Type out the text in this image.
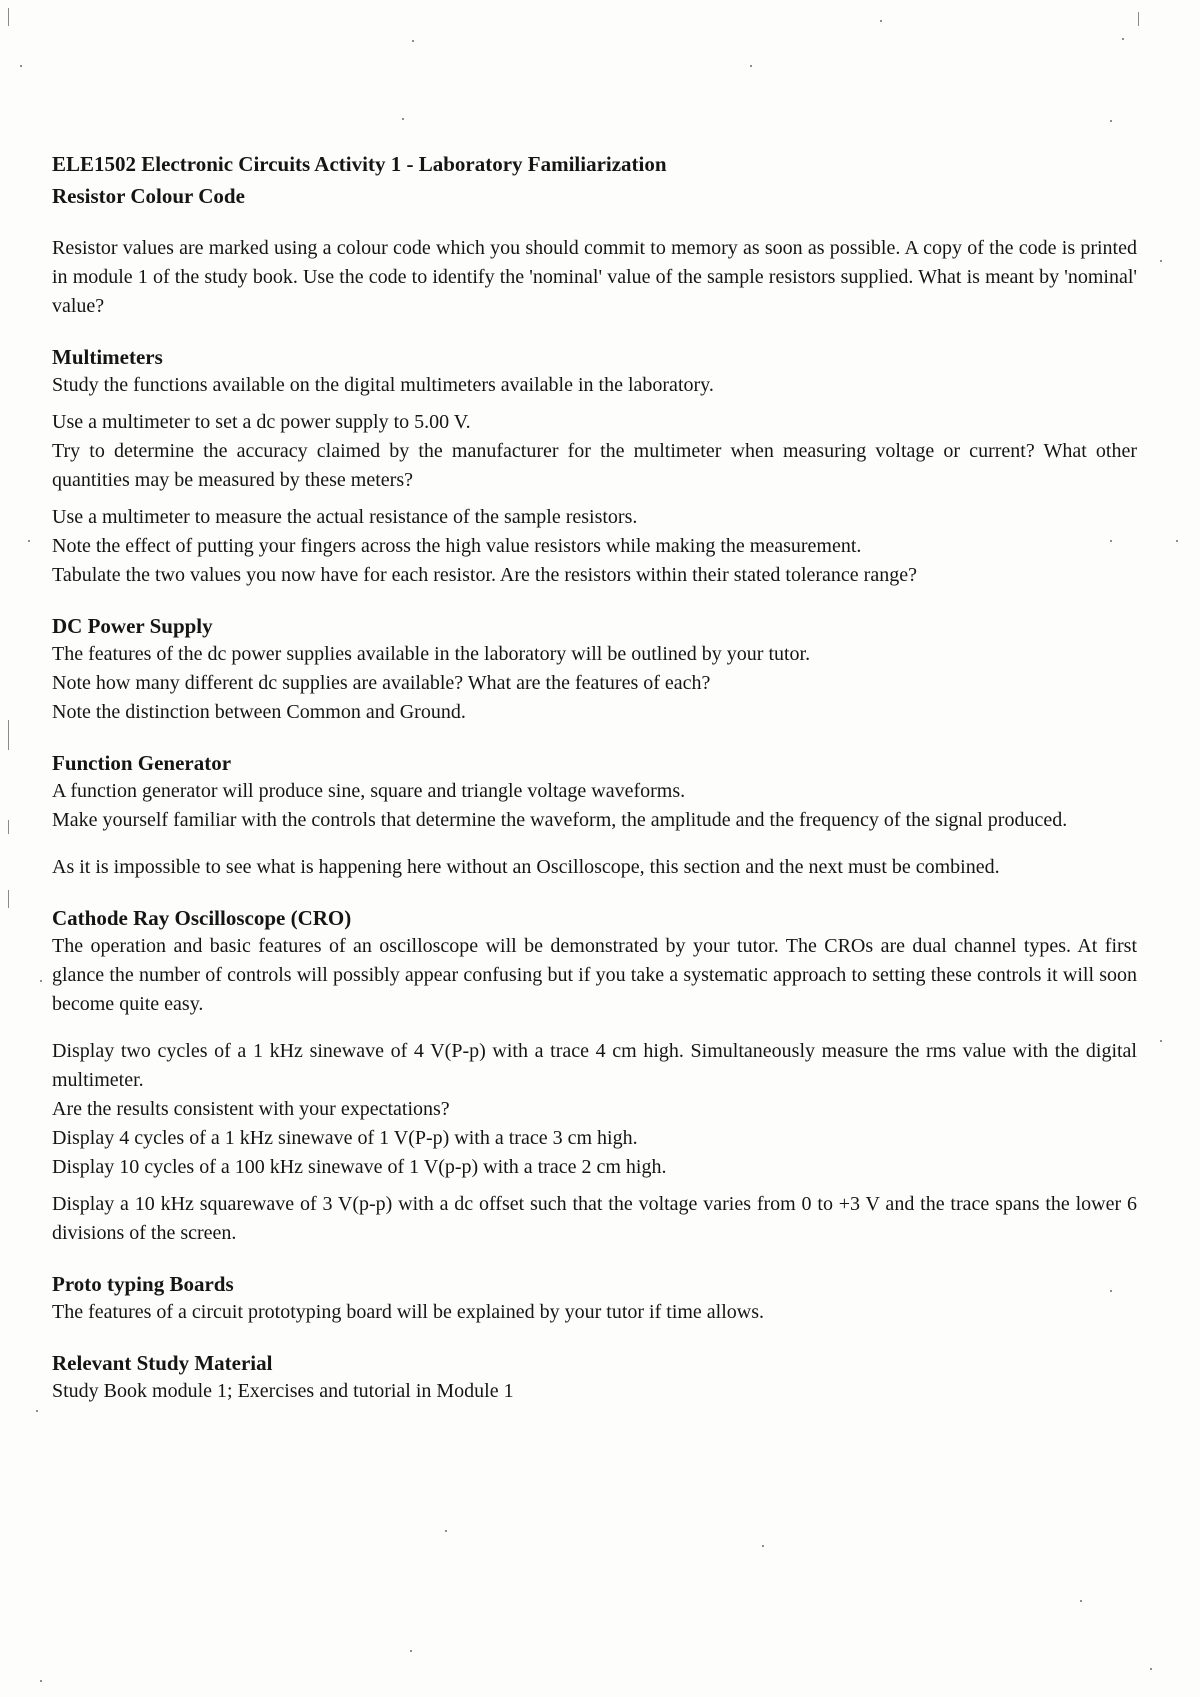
ELE1502 Electronic Circuits Activity 1 - Laboratory Familiarization
Resistor Colour Code

Resistor values are marked using a colour code which you should commit to memory as soon as possible. A copy of the code is printed in module 1 of the study book. Use the code to identify the 'nominal' value of the sample resistors supplied. What is meant by 'nominal' value?

Multimeters

Study the functions available on the digital multimeters available in the laboratory.

Use a multimeter to set a dc power supply to 5.00 V.

Try to determine the accuracy claimed by the manufacturer for the multimeter when measuring voltage or current? What other quantities may be measured by these meters?

Use a multimeter to measure the actual resistance of the sample resistors.

Note the effect of putting your fingers across the high value resistors while making the measurement.

Tabulate the two values you now have for each resistor. Are the resistors within their stated tolerance range?

DC Power Supply

The features of the dc power supplies available in the laboratory will be outlined by your tutor.

Note how many different dc supplies are available? What are the features of each?

Note the distinction between Common and Ground.

Function Generator

A function generator will produce sine, square and triangle voltage waveforms.

Make yourself familiar with the controls that determine the waveform, the amplitude and the frequency of the signal produced.

As it is impossible to see what is happening here without an Oscilloscope, this section and the next must be combined.

Cathode Ray Oscilloscope (CRO)

The operation and basic features of an oscilloscope will be demonstrated by your tutor. The CROs are dual channel types. At first glance the number of controls will possibly appear confusing but if you take a systematic approach to setting these controls it will soon become quite easy.

Display two cycles of a 1 kHz sinewave of 4 V(P-p) with a trace 4 cm high. Simultaneously measure the rms value with the digital multimeter.

Are the results consistent with your expectations?

Display 4 cycles of a 1 kHz sinewave of 1 V(P-p) with a trace 3 cm high.

Display 10 cycles of a 100 kHz sinewave of 1 V(p-p) with a trace 2 cm high.

Display a 10 kHz squarewave of 3 V(p-p) with a dc offset such that the voltage varies from 0 to +3 V and the trace spans the lower 6 divisions of the screen.

Proto typing Boards

The features of a circuit prototyping board will be explained by your tutor if time allows.

Relevant Study Material

Study Book module 1; Exercises and tutorial in Module 1
